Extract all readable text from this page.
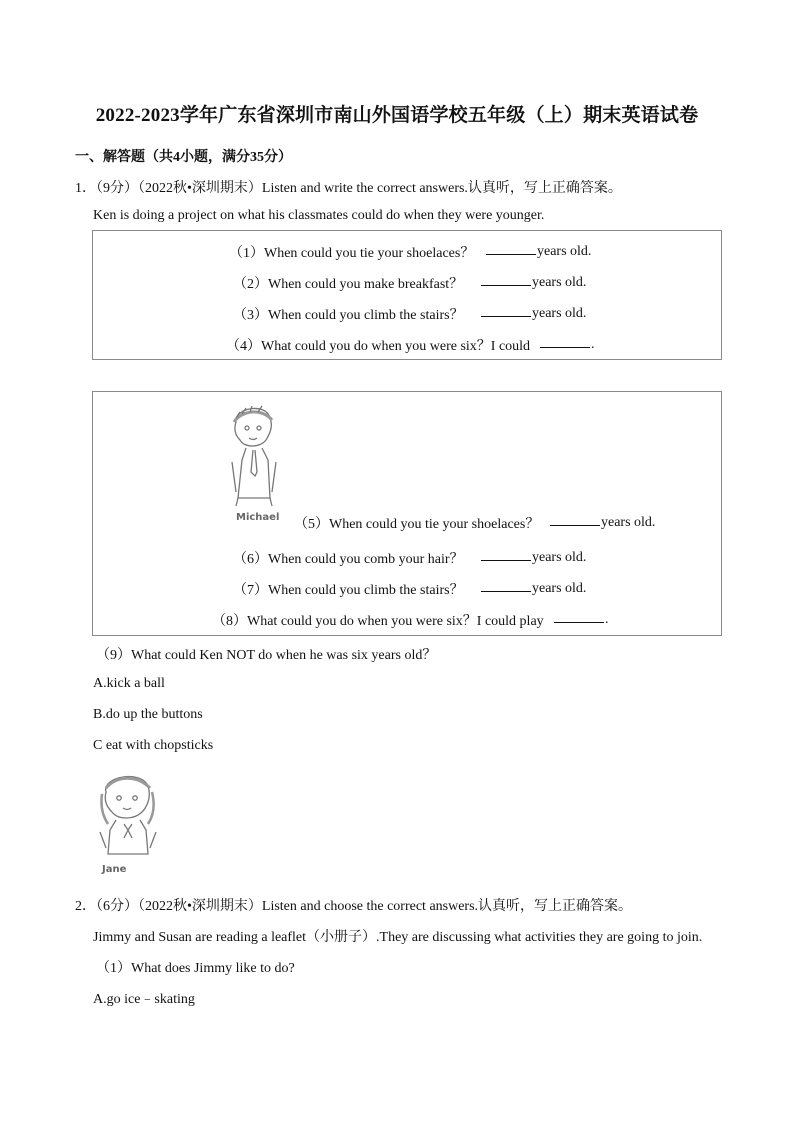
2022-2023学年广东省深圳市南山外国语学校五年级（上）期末英语试卷
一、解答题（共4小题，满分35分）
1．（9分）（2022秋•深圳期末）Listen and write the correct answers.认真听，写上正确答案。
Ken is doing a project on what his classmates could do when they were younger.
（1）When could you tie your shoelaces？	years old.
（2）When could you make breakfast？	years old.
（3）When could you climb the stairs？	years old.
（4）What could you do when you were six？I could	.
Michael （5）When could you tie your shoelaces？	years old.
（6）When could you comb your hair？	years old.
（7）When could you climb the stairs？	years old.
（8）What could you do when you were six？I could play	.
（9）What could Ken NOT do when he was six years old？
A.kick a ball
B.do up the buttons
C eat with chopsticks
Jane
2．（6分）（2022秋•深圳期末）Listen and choose the correct answers.认真听，写上正确答案。
Jimmy and Susan are reading a leaflet（小册子）.They are discussing what activities they are going to join.
（1）What does Jimmy like to do?
A.go ice﹣skating
